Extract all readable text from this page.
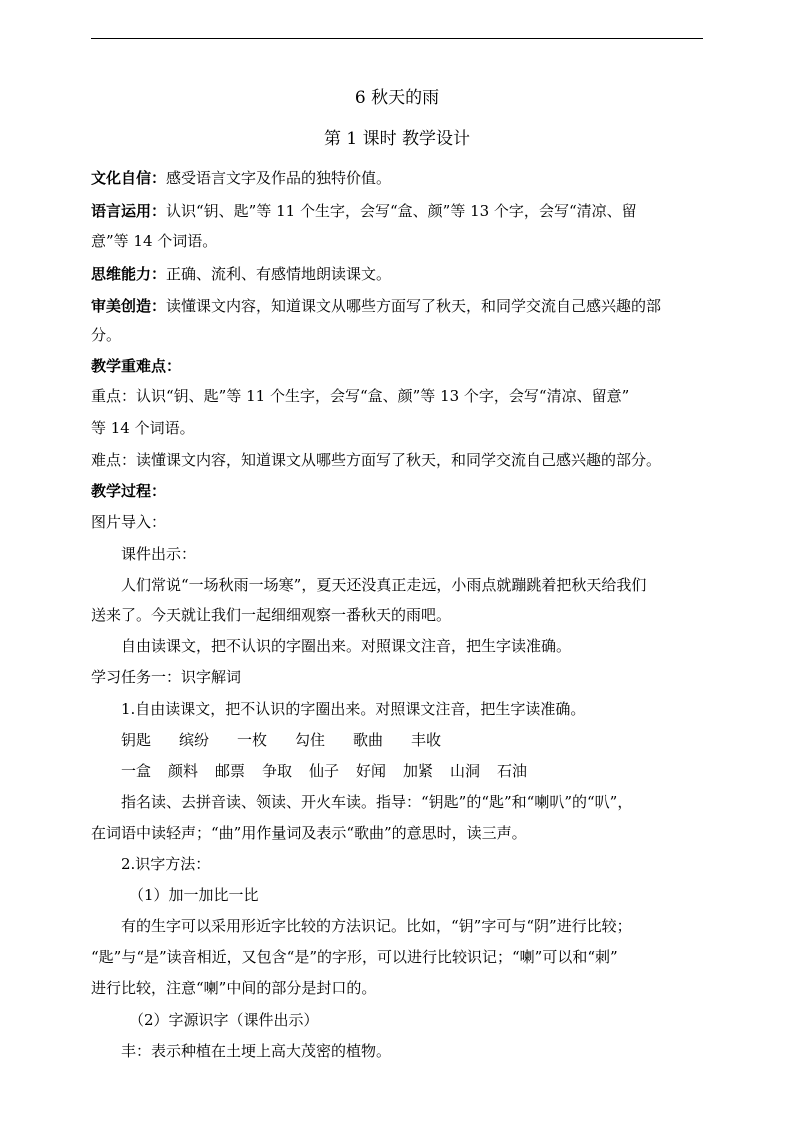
6 秋天的雨
第 1 课时 教学设计
文化自信：感受语言文字及作品的独特价值。
语言运用：认识“钥、匙”等 11 个生字，会写“盒、颜”等 13 个字，会写“清凉、留
意”等 14 个词语。
思维能力：正确、流利、有感情地朗读课文。
审美创造：读懂课文内容，知道课文从哪些方面写了秋天，和同学交流自己感兴趣的部
分。
教学重难点：
重点：认识“钥、匙”等 11 个生字，会写“盒、颜”等 13 个字，会写“清凉、留意”
等 14 个词语。
难点：读懂课文内容，知道课文从哪些方面写了秋天，和同学交流自己感兴趣的部分。
教学过程：
图片导入：
课件出示：
人们常说“一场秋雨一场寒”，夏天还没真正走远，小雨点就蹦跳着把秋天给我们
送来了。今天就让我们一起细细观察一番秋天的雨吧。
自由读课文，把不认识的字圈出来。对照课文注音，把生字读准确。
学习任务一：识字解词
1.自由读课文，把不认识的字圈出来。对照课文注音，把生字读准确。
钥匙 缤纷 一枚 勾住 歌曲 丰收
一盒 颜料 邮票 争取 仙子 好闻 加紧 山洞 石油
指名读、去拼音读、领读、开火车读。指导：“钥匙”的“匙”和“喇叭”的“叭”，
在词语中读轻声；“曲”用作量词及表示“歌曲”的意思时，读三声。
2.识字方法：
（1）加一加比一比
有的生字可以采用形近字比较的方法识记。比如，“钥”字可与“阴”进行比较；
“匙”与“是”读音相近，又包含“是”的字形，可以进行比较识记；“喇”可以和“刺”
进行比较，注意“喇”中间的部分是封口的。
（2）字源识字（课件出示）
丰：表示种植在土埂上高大茂密的植物。
